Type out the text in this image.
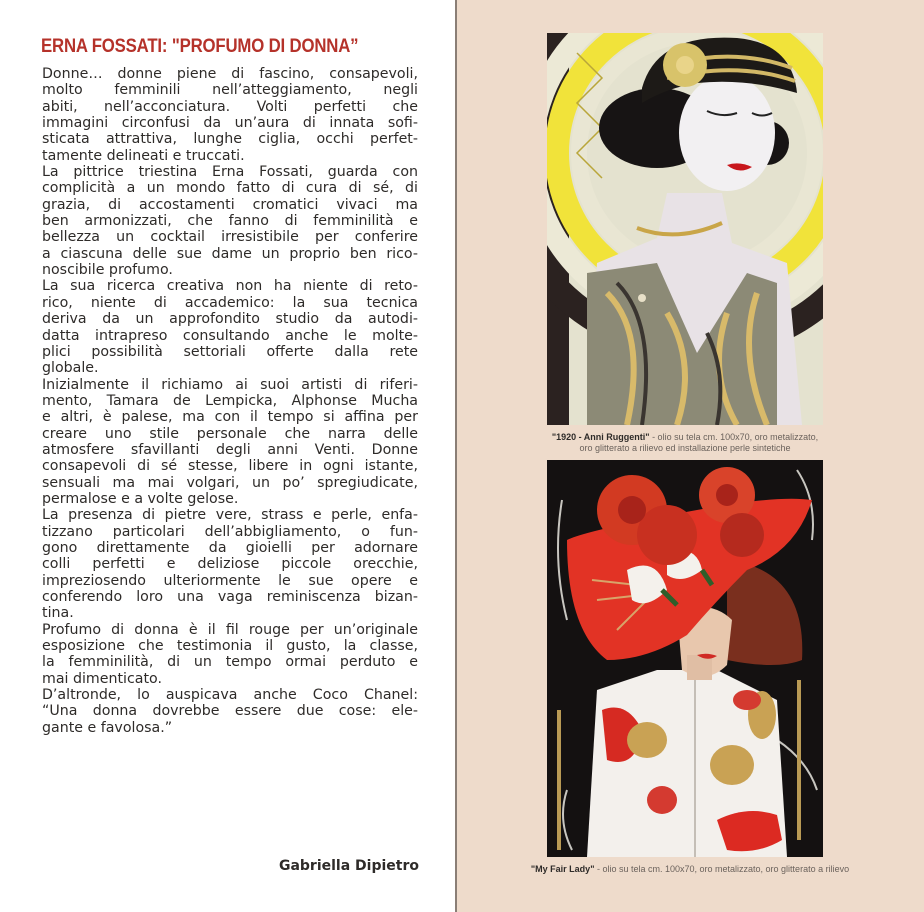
ERNA FOSSATI: "PROFUMO DI DONNA”
Donne… donne piene di fascino, consapevoli,
molto femminili nell’atteggiamento, negli
abiti, nell’acconciatura. Volti perfetti che
immagini circonfusi da un’aura di innata sofi-
sticata attrattiva, lunghe ciglia, occhi perfet-
tamente delineati e truccati.
La pittrice triestina Erna Fossati, guarda con
complicità a un mondo fatto di cura di sé, di
grazia, di accostamenti cromatici vivaci ma
ben armonizzati, che fanno di femminilità e
bellezza un cocktail irresistibile per conferire
a ciascuna delle sue dame un proprio ben rico-
noscibile profumo.
La sua ricerca creativa non ha niente di reto-
rico, niente di accademico: la sua tecnica
deriva da un approfondito studio da autodi-
datta intrapreso consultando anche le molte-
plici possibilità settoriali offerte dalla rete
globale.
Inizialmente il richiamo ai suoi artisti di riferi-
mento, Tamara de Lempicka, Alphonse Mucha
e altri, è palese, ma con il tempo si affina per
creare uno stile personale che narra delle
atmosfere sfavillanti degli anni Venti. Donne
consapevoli di sé stesse, libere in ogni istante,
sensuali ma mai volgari, un po’ spregiudicate,
permalose e a volte gelose.
La presenza di pietre vere, strass e perle, enfa-
tizzano particolari dell’abbigliamento, o fun-
gono direttamente da gioielli per adornare
colli perfetti e deliziose piccole orecchie,
impreziosendo ulteriormente le sue opere e
conferendo loro una vaga reminiscenza bizan-
tina.
Profumo di donna è il fil rouge per un’originale
esposizione che testimonia il gusto, la classe,
la femminilità, di un tempo ormai perduto e
mai dimenticato.
D’altronde, lo auspicava anche Coco Chanel:
“Una donna dovrebbe essere due cose: ele-
gante e favolosa.”
Gabriella Dipietro
"1920 - Anni Ruggenti" - olio su tela cm. 100x70, oro metalizzato,
oro glitterato a rilievo ed installazione perle sintetiche
"My Fair Lady" - olio su tela cm. 100x70, oro metalizzato, oro glitterato a rilievo
